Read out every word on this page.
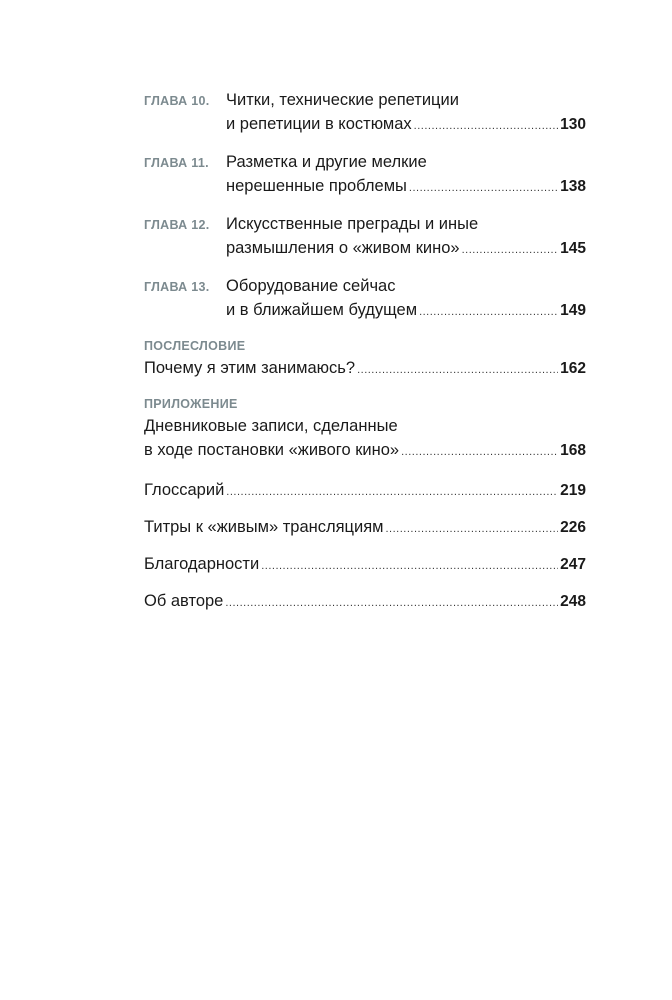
ГЛАВА 10. Читки, технические репетиции
и репетиции в костюмах .....	130
ГЛАВА 11.	Разметка и другие мелкие
нерешенные проблемы .....	138
ГЛАВА 12. Искусственные преграды и иные
размышления о «живом кино» .....	145
ГЛАВА 13. Оборудование сейчас
и в ближайшем будущем .....	149
ПОСЛЕСЛОВИЕ
Почему я этим занимаюсь? .....	162
ПРИЛОЖЕНИЕ
Дневниковые записи, сделанные
в ходе постановки «живого кино» .....	168
Глоссарий .....	219
Титры к «живым» трансляциям .....	226
Благодарности .....	247
Об авторе .....	248
